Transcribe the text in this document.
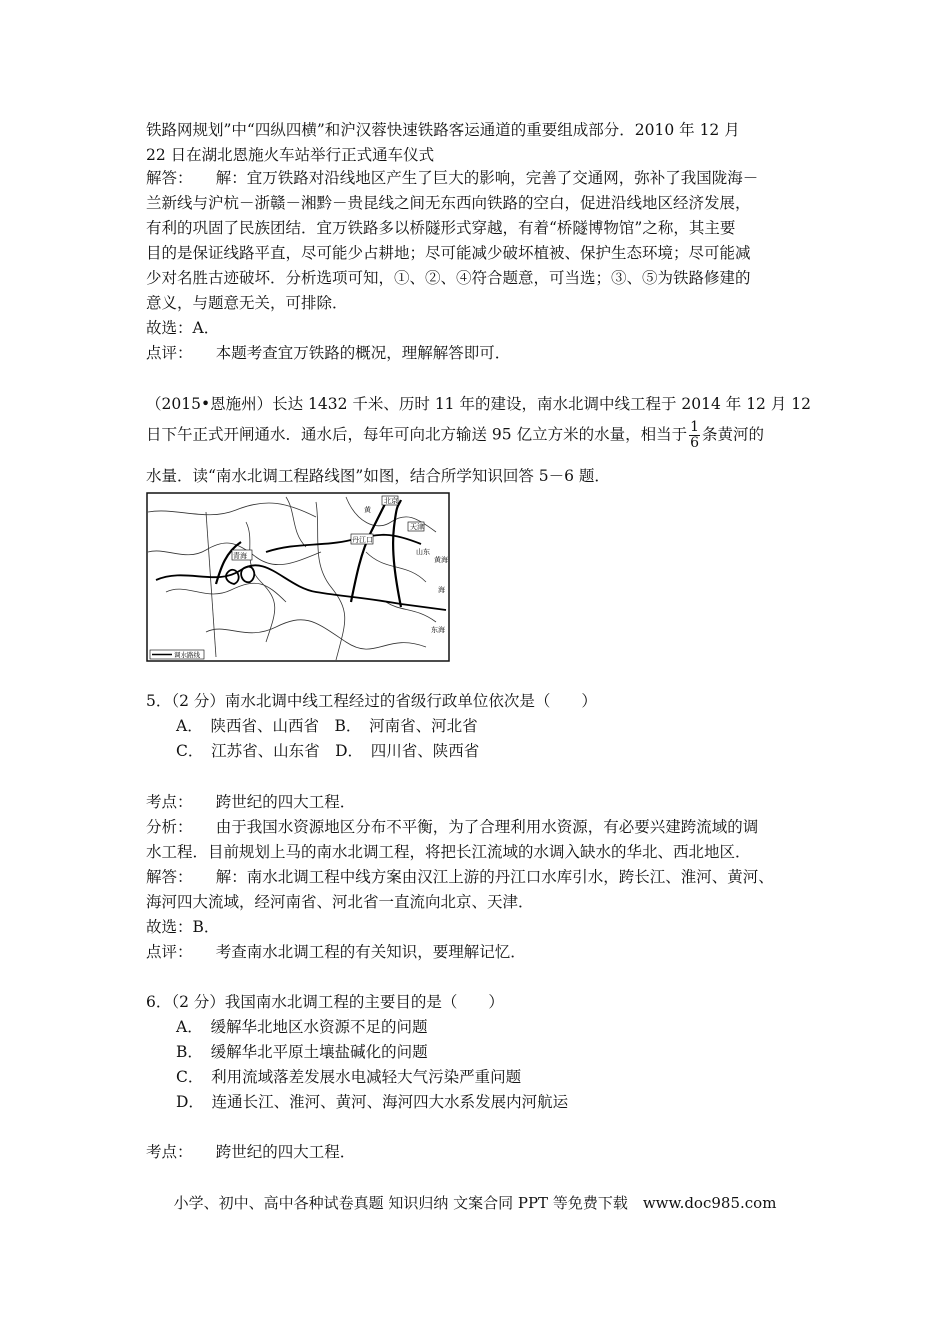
铁路网规划”中“四纵四横”和沪汉蓉快速铁路客运通道的重要组成部分．2010 年 12 月
22 日在湖北恩施火车站举行正式通车仪式
解答：　　解：宜万铁路对沿线地区产生了巨大的影响，完善了交通网，弥补了我国陇海－
兰新线与沪杭－浙赣－湘黔－贵昆线之间无东西向铁路的空白，促进沿线地区经济发展，
有利的巩固了民族团结．宜万铁路多以桥隧形式穿越，有着“桥隧博物馆”之称，其主要
目的是保证线路平直，尽可能少占耕地；尽可能减少破坏植被、保护生态环境；尽可能减
少对名胜古迹破坏．分析选项可知，①、②、④符合题意，可当选；③、⑤为铁路修建的
意义，与题意无关，可排除．
故选：A．
点评：　　本题考查宜万铁路的概况，理解解答即可．
（2015•恩施州）长达 1432 千米、历时 11 年的建设，南水北调中线工程于 2014 年 12 月 12
日下午正式开闸通水．通水后，每年可向北方输送 95 亿立方米的水量，相当于 $\frac{1}{6}$ 条黄河的
水量．读“南水北调工程路线图”如图，结合所学知识回答 5－6 题．
北京
天津
山东
黄海
海
东海
黄
丹江口
青海
调水路线
5．（2 分）南水北调中线工程经过的省级行政单位依次是（　　）
A．　陕西省、山西省　B．　河南省、河北省
C．　江苏省、山东省　D．　四川省、陕西省
考点：　　跨世纪的四大工程．
分析：　　由于我国水资源地区分布不平衡，为了合理利用水资源，有必要兴建跨流域的调
水工程．目前规划上马的南水北调工程，将把长江流域的水调入缺水的华北、西北地区．
解答：　　解：南水北调工程中线方案由汉江上游的丹江口水库引水，跨长江、淮河、黄河、
海河四大流域，经河南省、河北省一直流向北京、天津．
故选：B．
点评：　　考查南水北调工程的有关知识，要理解记忆．
6．（2 分）我国南水北调工程的主要目的是（　　）
A．　缓解华北地区水资源不足的问题
B．　缓解华北平原土壤盐碱化的问题
C．　利用流域落差发展水电减轻大气污染严重问题
D．　连通长江、淮河、黄河、海河四大水系发展内河航运
考点：　　跨世纪的四大工程．
小学、初中、高中各种试卷真题 知识归纳 文案合同 PPT 等免费下载　www.doc985.com
